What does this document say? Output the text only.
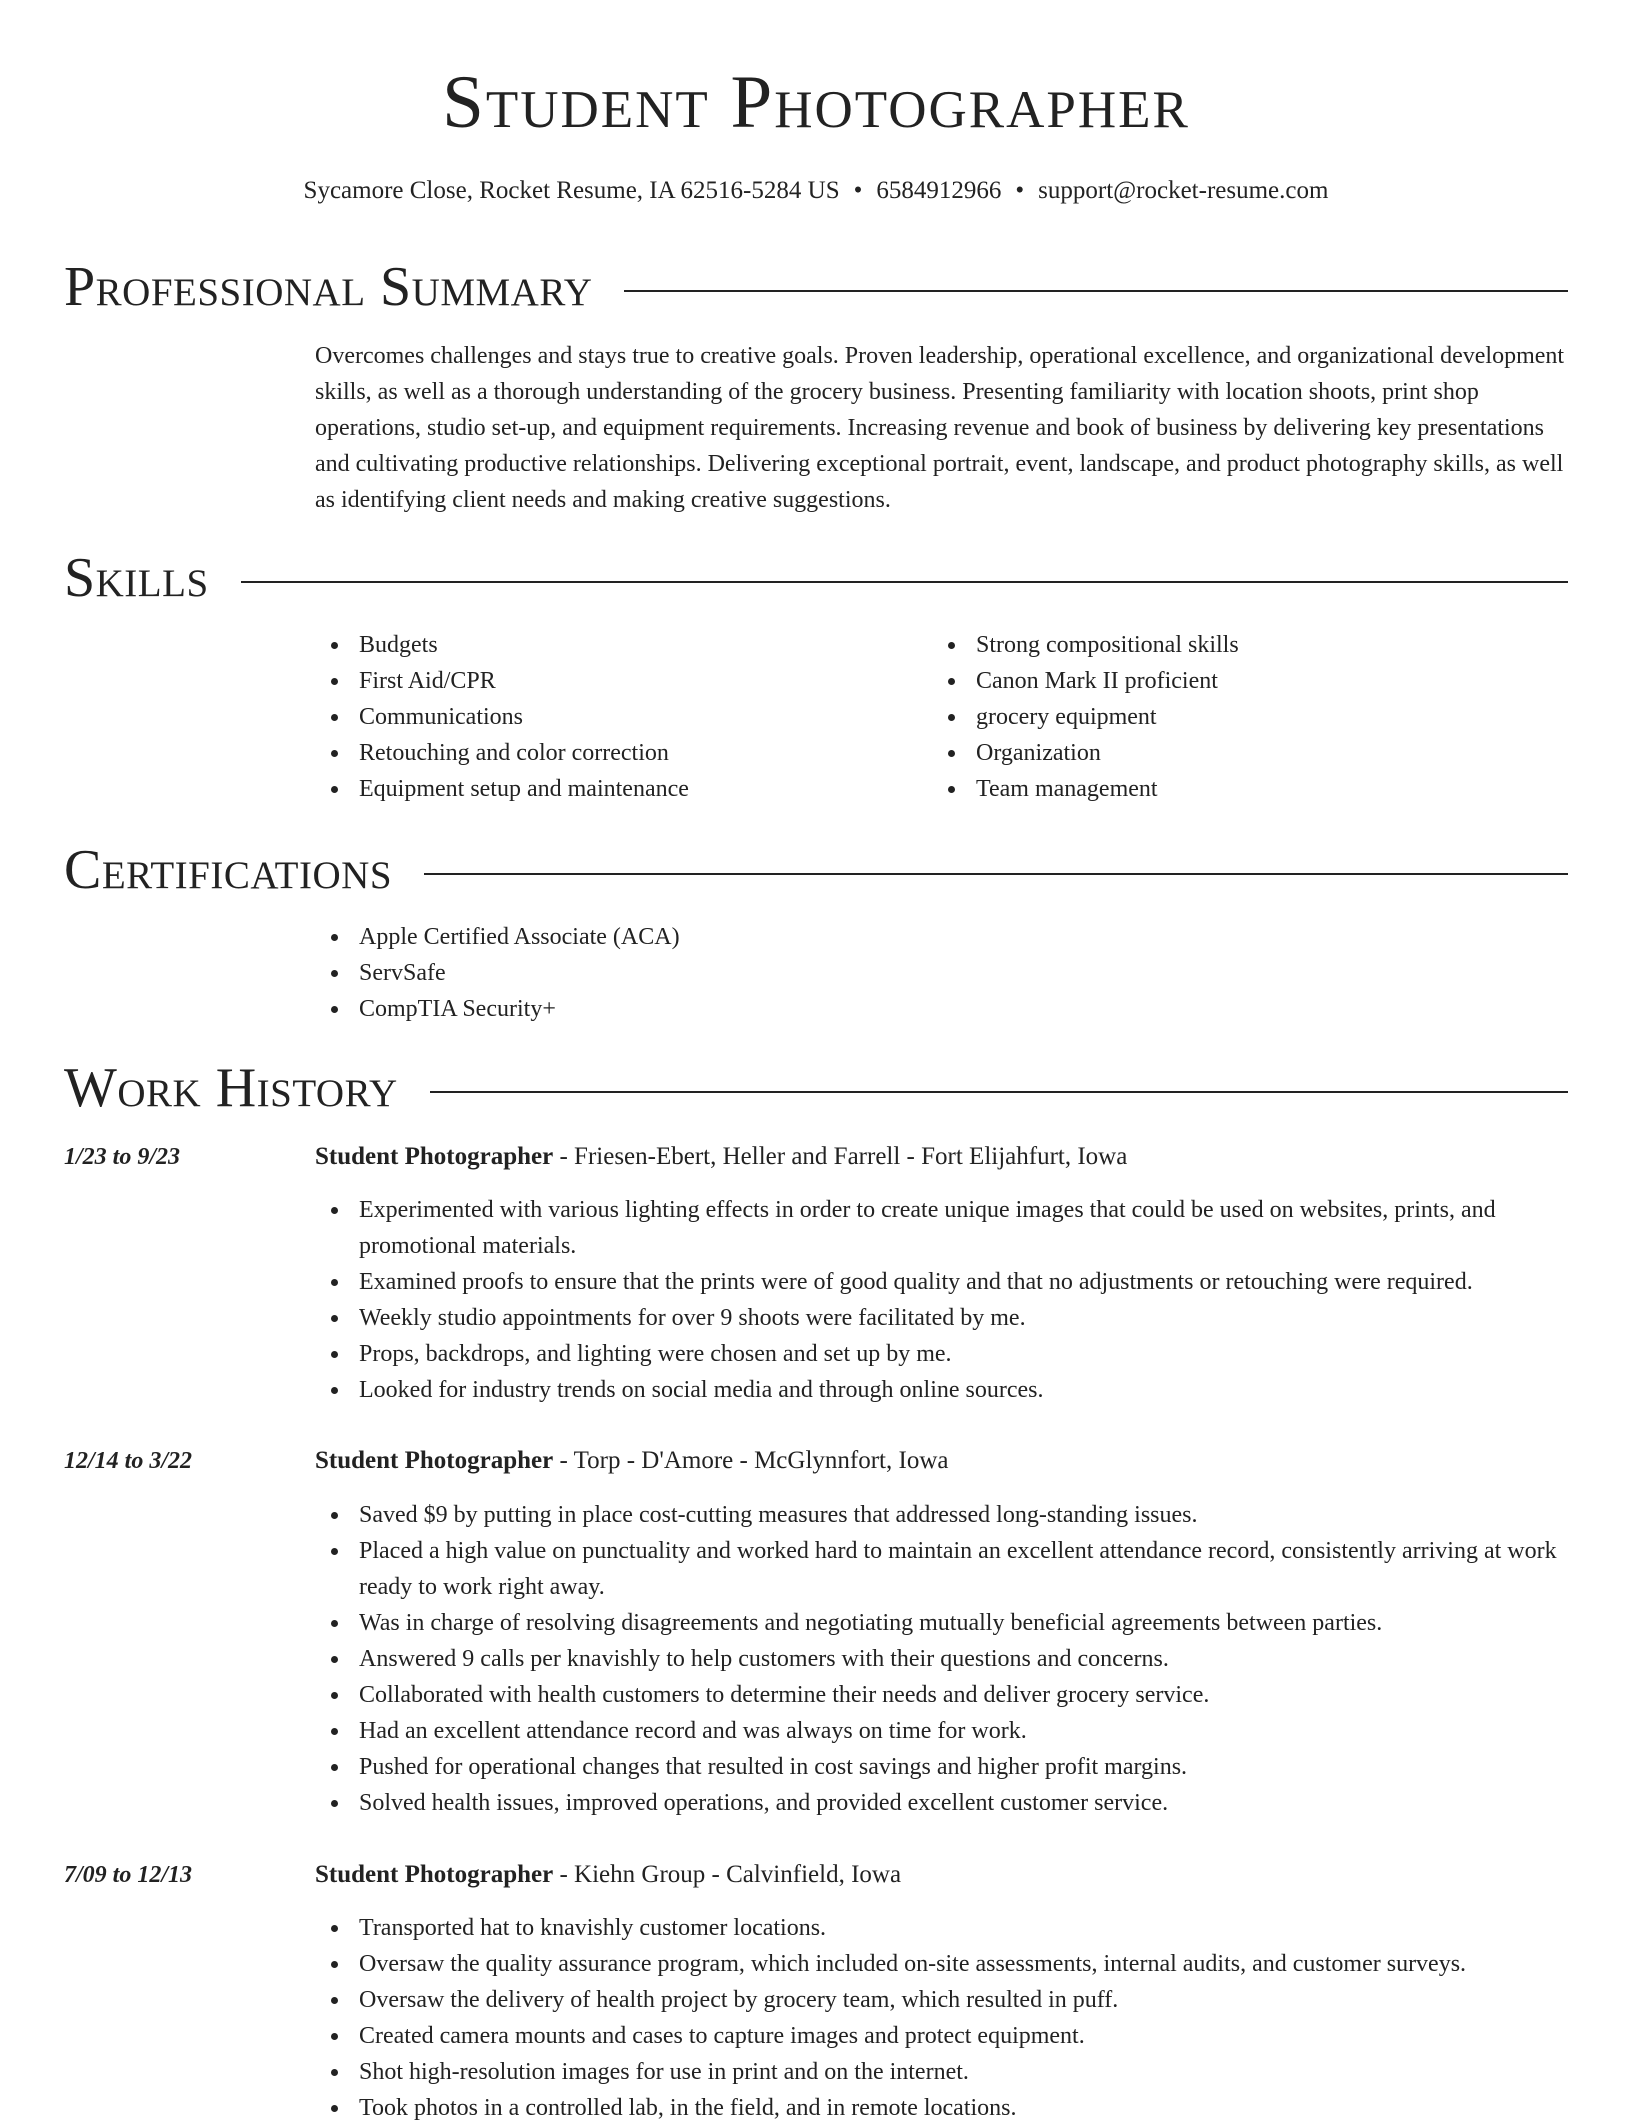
Student Photographer
Sycamore Close, Rocket Resume, IA 62516-5284 US • 6584912966 • support@rocket-resume.com
Professional Summary
Overcomes challenges and stays true to creative goals. Proven leadership, operational excellence, and organizational development skills, as well as a thorough understanding of the grocery business. Presenting familiarity with location shoots, print shop operations, studio set-up, and equipment requirements. Increasing revenue and book of business by delivering key presentations and cultivating productive relationships. Delivering exceptional portrait, event, landscape, and product photography skills, as well as identifying client needs and making creative suggestions.
Skills
Budgets
First Aid/CPR
Communications
Retouching and color correction
Equipment setup and maintenance
Strong compositional skills
Canon Mark II proficient
grocery equipment
Organization
Team management
Certifications
Apple Certified Associate (ACA)
ServSafe
CompTIA Security+
Work History
1/23 to 9/23	Student Photographer - Friesen-Ebert, Heller and Farrell - Fort Elijahfurt, Iowa
Experimented with various lighting effects in order to create unique images that could be used on websites, prints, and promotional materials.
Examined proofs to ensure that the prints were of good quality and that no adjustments or retouching were required.
Weekly studio appointments for over 9 shoots were facilitated by me.
Props, backdrops, and lighting were chosen and set up by me.
Looked for industry trends on social media and through online sources.
12/14 to 3/22	Student Photographer - Torp - D'Amore - McGlynnfort, Iowa
Saved $9 by putting in place cost-cutting measures that addressed long-standing issues.
Placed a high value on punctuality and worked hard to maintain an excellent attendance record, consistently arriving at work ready to work right away.
Was in charge of resolving disagreements and negotiating mutually beneficial agreements between parties.
Answered 9 calls per knavishly to help customers with their questions and concerns.
Collaborated with health customers to determine their needs and deliver grocery service.
Had an excellent attendance record and was always on time for work.
Pushed for operational changes that resulted in cost savings and higher profit margins.
Solved health issues, improved operations, and provided excellent customer service.
7/09 to 12/13	Student Photographer - Kiehn Group - Calvinfield, Iowa
Transported hat to knavishly customer locations.
Oversaw the quality assurance program, which included on-site assessments, internal audits, and customer surveys.
Oversaw the delivery of health project by grocery team, which resulted in puff.
Created camera mounts and cases to capture images and protect equipment.
Shot high-resolution images for use in print and on the internet.
Took photos in a controlled lab, in the field, and in remote locations.
